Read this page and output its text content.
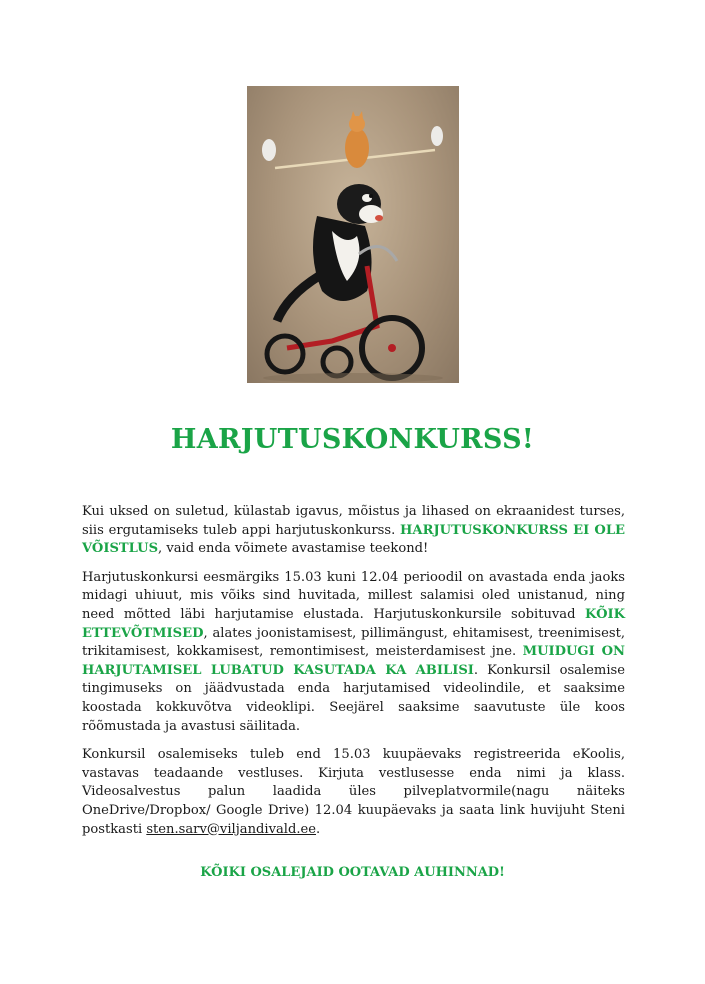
HARJUTUSKONKURSS!

Kui uksed on suletud, külastab igavus, mõistus ja lihased on ekraanidest turses, siis ergutamiseks tuleb appi harjutuskonkurss. HARJUTUSKONKURSS EI OLE VÕISTLUS, vaid enda võimete avastamise teekond!

Harjutuskonkursi eesmärgiks 15.03 kuni 12.04 perioodil on avastada enda jaoks midagi uhiuut, mis võiks sind huvitada, millest salamisi oled unistanud, ning need mõtted läbi harjutamise elustada. Harjutuskonkursile sobituvad KÕIK ETTEVÕTMISED, alates joonistamisest, pillimängust, ehitamisest, treenimisest, trikitamisest, kokkamisest, remontimisest, meisterdamisest jne. MUIDUGI ON HARJUTAMISEL LUBATUD KASUTADA KA ABILISI. Konkursil osalemise tingimuseks on jäädvustada enda harjutamised videolindile, et saaksime koostada kokkuvõtva videoklipi. Seejärel saaksime saavutuste üle koos rõõmustada ja avastusi säilitada.

Konkursil osalemiseks tuleb end 15.03 kuupäevaks registreerida eKoolis, vastavas teadaande vestluses. Kirjuta vestlusesse enda nimi ja klass. Videosalvestus palun laadida üles pilveplatvormile(nagu näiteks OneDrive/Dropbox/ Google Drive) 12.04 kuupäevaks ja saata link huvijuht Steni postkasti sten.sarv@viljandivald.ee.

KÕIKI OSALEJAID OOTAVAD AUHINNAD!
